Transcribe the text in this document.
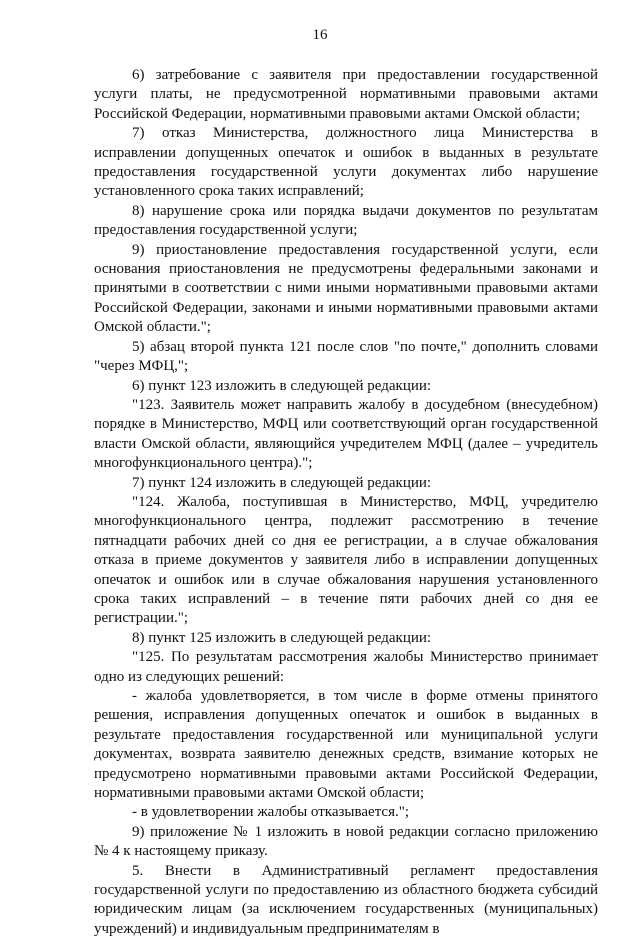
16

6) затребование с заявителя при предоставлении государственной услуги платы, не предусмотренной нормативными правовыми актами Российской Федерации, нормативными правовыми актами Омской области;

7) отказ Министерства, должностного лица Министерства в исправлении допущенных опечаток и ошибок в выданных в результате предоставления государственной услуги документах либо нарушение установленного срока таких исправлений;

8) нарушение срока или порядка выдачи документов по результатам предоставления государственной услуги;

9) приостановление предоставления государственной услуги, если основания приостановления не предусмотрены федеральными законами и принятыми в соответствии с ними иными нормативными правовыми актами Российской Федерации, законами и иными нормативными правовыми актами Омской области.";

5) абзац второй пункта 121 после слов "по почте," дополнить словами "через МФЦ,";

6) пункт 123 изложить в следующей редакции:

"123. Заявитель может направить жалобу в досудебном (внесудебном) порядке в Министерство, МФЦ или соответствующий орган государственной власти Омской области, являющийся учредителем МФЦ (далее – учредитель многофункционального центра).";

7) пункт 124 изложить в следующей редакции:

"124. Жалоба, поступившая в Министерство, МФЦ, учредителю многофункционального центра, подлежит рассмотрению в течение пятнадцати рабочих дней со дня ее регистрации, а в случае обжалования отказа в приеме документов у заявителя либо в исправлении допущенных опечаток и ошибок или в случае обжалования нарушения установленного срока таких исправлений – в течение пяти рабочих дней со дня ее регистрации.";

8) пункт 125 изложить в следующей редакции:

"125. По результатам рассмотрения жалобы Министерство принимает одно из следующих решений:

- жалоба удовлетворяется, в том числе в форме отмены принятого решения, исправления допущенных опечаток и ошибок в выданных в результате предоставления государственной или муниципальной услуги документах, возврата заявителю денежных средств, взимание которых не предусмотрено нормативными правовыми актами Российской Федерации, нормативными правовыми актами Омской области;

- в удовлетворении жалобы отказывается.";

9) приложение № 1 изложить в новой редакции согласно приложению № 4 к настоящему приказу.

5. Внести в Административный регламент предоставления государственной услуги по предоставлению из областного бюджета субсидий юридическим лицам (за исключением государственных (муниципальных) учреждений) и индивидуальным предпринимателям в
